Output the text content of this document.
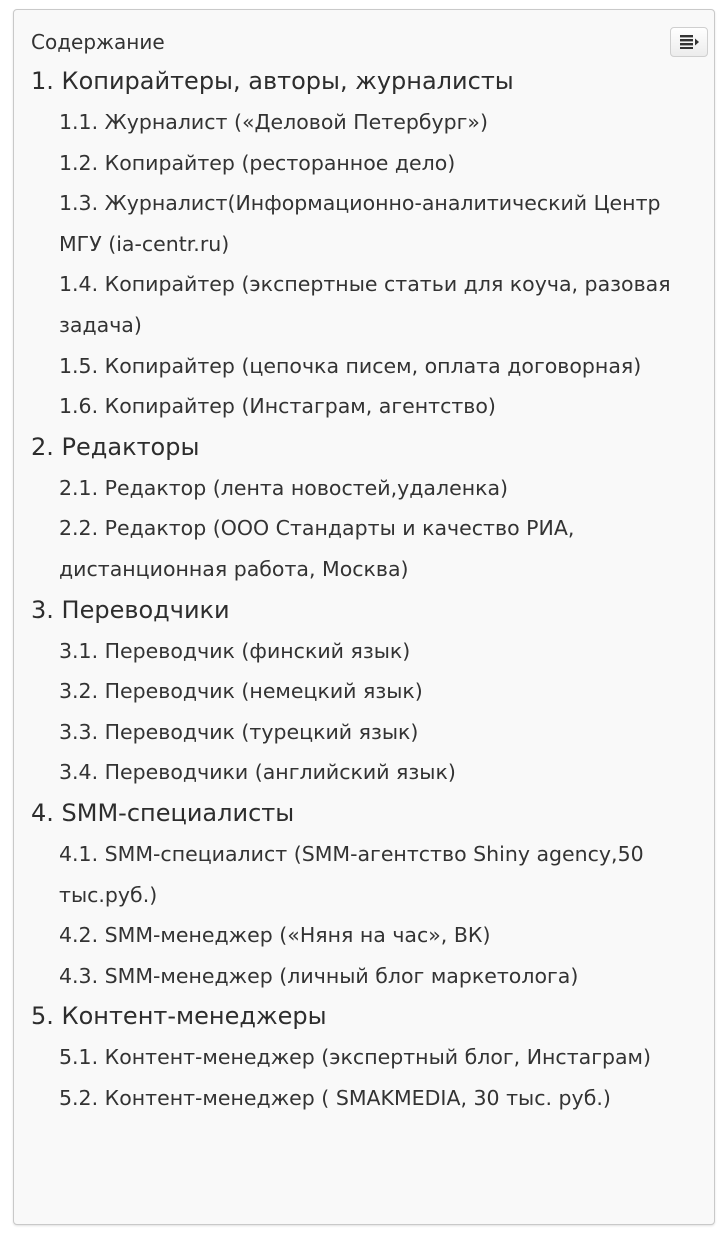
Содержание
1. Копирайтеры, авторы, журналисты
1.1. Журналист («Деловой Петербург»)
1.2. Копирайтер (ресторанное дело)
1.3. Журналист(Информационно-аналитический Центр МГУ (ia-centr.ru)
1.4. Копирайтер (экспертные статьи для коуча, разовая задача)
1.5. Копирайтер (цепочка писем, оплата договорная)
1.6. Копирайтер (Инстаграм, агентство)
2. Редакторы
2.1. Редактор (лента новостей,удаленка)
2.2. Редактор (ООО Стандарты и качество РИА, дистанционная работа, Москва)
3. Переводчики
3.1. Переводчик (финский язык)
3.2. Переводчик (немецкий язык)
3.3. Переводчик (турецкий язык)
3.4. Переводчики (английский язык)
4. SMM-специалисты
4.1. SMM-специалист (SMM-агентство Shiny agency,50 тыс.руб.)
4.2. SMM-менеджер («Няня на час», ВК)
4.3. SMM-менеджер (личный блог маркетолога)
5. Контент-менеджеры
5.1. Контент-менеджер (экспертный блог, Инстаграм)
5.2. Контент-менеджер ( SMAKMEDIA, 30 тыс. руб.)
